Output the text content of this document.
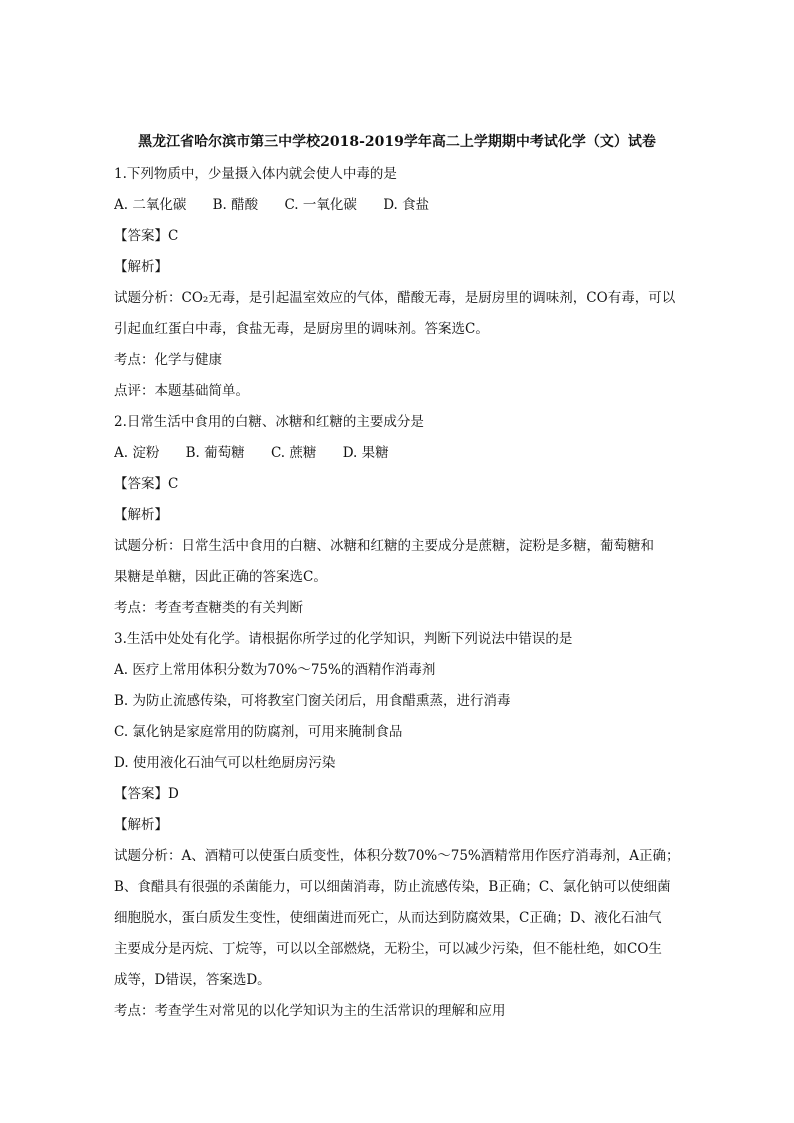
黑龙江省哈尔滨市第三中学校2018-2019学年高二上学期期中考试化学（文）试卷
1.下列物质中，少量摄入体内就会使人中毒的是
A. 二氧化碳 B. 醋酸 C. 一氧化碳 D. 食盐
【答案】C
【解析】
试题分析：CO₂无毒，是引起温室效应的气体，醋酸无毒，是厨房里的调味剂，CO有毒，可以
引起血红蛋白中毒，食盐无毒，是厨房里的调味剂。答案选C。
考点：化学与健康
点评：本题基础简单。
2.日常生活中食用的白糖、冰糖和红糖的主要成分是
A. 淀粉 B. 葡萄糖 C. 蔗糖 D. 果糖
【答案】C
【解析】
试题分析：日常生活中食用的白糖、冰糖和红糖的主要成分是蔗糖，淀粉是多糖，葡萄糖和
果糖是单糖，因此正确的答案选C。
考点：考查考查糖类的有关判断
3.生活中处处有化学。请根据你所学过的化学知识，判断下列说法中错误的是
A. 医疗上常用体积分数为70%～75%的酒精作消毒剂
B. 为防止流感传染，可将教室门窗关闭后，用食醋熏蒸，进行消毒
C. 氯化钠是家庭常用的防腐剂，可用来腌制食品
D. 使用液化石油气可以杜绝厨房污染
【答案】D
【解析】
试题分析：A、酒精可以使蛋白质变性，体积分数70%～75%酒精常用作医疗消毒剂，A正确；
B、食醋具有很强的杀菌能力，可以细菌消毒，防止流感传染，B正确；C、氯化钠可以使细菌
细胞脱水，蛋白质发生变性，使细菌进而死亡，从而达到防腐效果，C正确；D、液化石油气
主要成分是丙烷、丁烷等，可以以全部燃烧，无粉尘，可以减少污染，但不能杜绝，如CO生
成等，D错误，答案选D。
考点：考查学生对常见的以化学知识为主的生活常识的理解和应用
